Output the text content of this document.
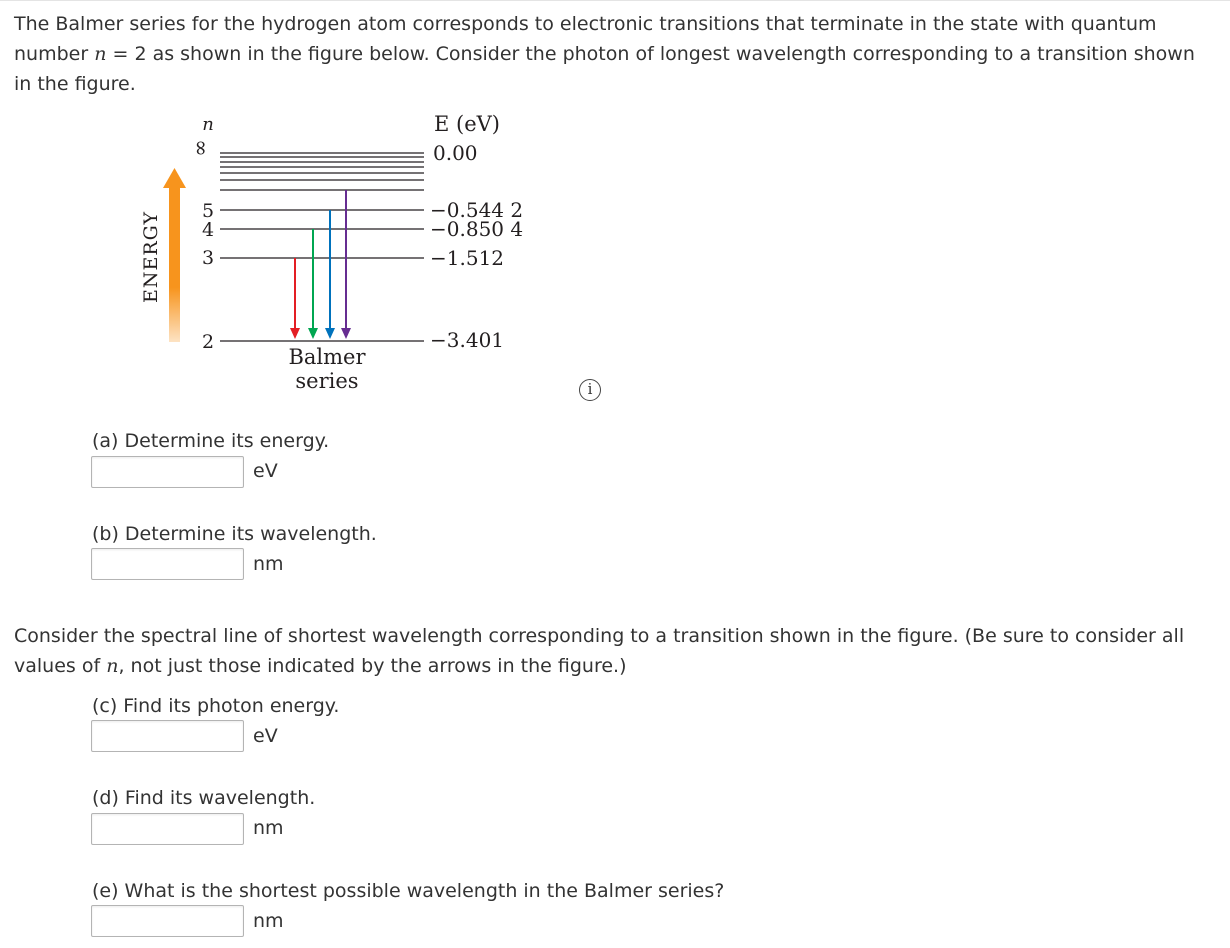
The Balmer series for the hydrogen atom corresponds to electronic transitions that terminate in the state with quantum
number n = 2 as shown in the figure below. Consider the photon of longest wavelength corresponding to a transition shown
in the figure.
ENERGY
n	E (eV)
∞
5
4
3
2
0.00
−0.544 2
−0.850 4
−1.512
−3.401
Balmer
series	i
(a) Determine its energy.
eV
(b) Determine its wavelength.
nm
Consider the spectral line of shortest wavelength corresponding to a transition shown in the figure. (Be sure to consider all
values of n, not just those indicated by the arrows in the figure.)
(c) Find its photon energy.
eV
(d) Find its wavelength.
nm
(e) What is the shortest possible wavelength in the Balmer series?
nm
